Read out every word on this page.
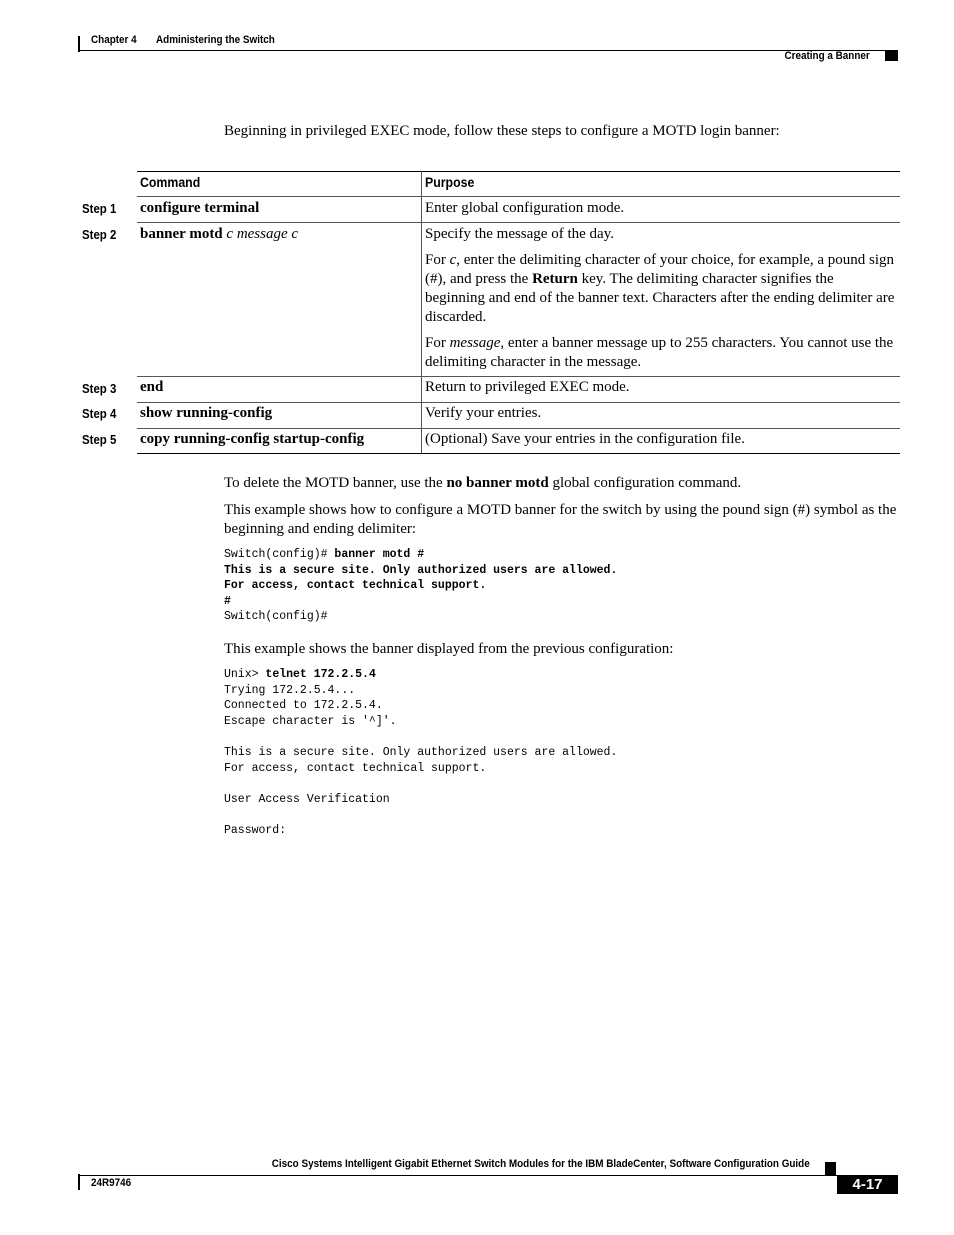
Chapter 4 Administering the Switch
Creating a Banner
Beginning in privileged EXEC mode, follow these steps to configure a MOTD login banner:
Command	Purpose
Step 1 configure terminal	Enter global configuration mode.
Step 2 banner motd c message c	Specify the message of the day.
For c, enter the delimiting character of your choice, for example, a pound sign (#), and press the Return key. The delimiting character signifies the beginning and end of the banner text. Characters after the ending delimiter are discarded.
For message, enter a banner message up to 255 characters. You cannot use the delimiting character in the message.
Step 3 end	Return to privileged EXEC mode.
Step 4 show running-config	Verify your entries.
Step 5 copy running-config startup-config	(Optional) Save your entries in the configuration file.
To delete the MOTD banner, use the no banner motd global configuration command.
This example shows how to configure a MOTD banner for the switch by using the pound sign (#) symbol as the beginning and ending delimiter:
Switch(config)# banner motd #
This is a secure site. Only authorized users are allowed.
For access, contact technical support.
#
Switch(config)#
This example shows the banner displayed from the previous configuration:
Unix> telnet 172.2.5.4
Trying 172.2.5.4...
Connected to 172.2.5.4.
Escape character is '^]'.
This is a secure site. Only authorized users are allowed.
For access, contact technical support.
User Access Verification
Password:
Cisco Systems Intelligent Gigabit Ethernet Switch Modules for the IBM BladeCenter, Software Configuration Guide
24R9746	4-17
